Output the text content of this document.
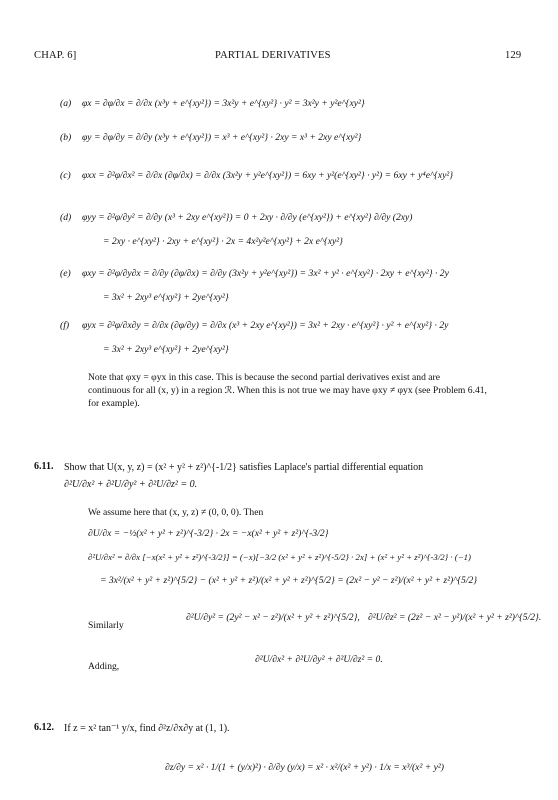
CHAP. 6]	PARTIAL DERIVATIVES	129
(a) φx = ∂φ/∂x = ∂/∂x (x³y + e^{xy²}) = 3x²y + e^{xy²} · y² = 3x²y + y²e^{xy²}
(b) φy = ∂φ/∂y = ∂/∂y (x³y + e^{xy²}) = x³ + e^{xy²} · 2xy = x³ + 2xy e^{xy²}
(c) φxx = ∂²φ/∂x² = ∂/∂x (∂φ/∂x) = ∂/∂x (3x²y + y²e^{xy²}) = 6xy + y²(e^{xy²} · y²) = 6xy + y⁴e^{xy²}
(d) φyy = ∂²φ/∂y² = ∂/∂y (x³ + 2xy e^{xy²}) = 0 + 2xy · ∂/∂y (e^{xy²}) + e^{xy²} ∂/∂y (2xy)
= 2xy · e^{xy²} · 2xy + e^{xy²} · 2x = 4x²y²e^{xy²} + 2x e^{xy²}
(e) φxy = ∂²φ/∂y∂x = ∂/∂y (∂φ/∂x) = ∂/∂y (3x²y + y²e^{xy²}) = 3x² + y² · e^{xy²} · 2xy + e^{xy²} · 2y
= 3x² + 2xy³ e^{xy²} + 2ye^{xy²}
(f) φyx = ∂²φ/∂x∂y = ∂/∂x (∂φ/∂y) = ∂/∂x (x³ + 2xy e^{xy²}) = 3x² + 2xy · e^{xy²} · y² + e^{xy²} · 2y
= 3x² + 2xy³ e^{xy²} + 2ye^{xy²}
Note that φxy = φyx in this case. This is because the second partial derivatives exist and are
continuous for all (x, y) in a region ℛ. When this is not true we may have φxy ≠ φyx (see Problem 6.41,
for example).
6.11. Show that U(x, y, z) = (x² + y² + z²)^{-1/2} satisfies Laplace's partial differential equation
∂²U/∂x² + ∂²U/∂y² + ∂²U/∂z² = 0.
We assume here that (x, y, z) ≠ (0, 0, 0). Then
∂U/∂x = −½(x² + y² + z²)^{-3/2} · 2x = −x(x² + y² + z²)^{-3/2}
∂²U/∂x² = ∂/∂x [−x(x² + y² + z²)^{-3/2}] = (−x)[−3/2 (x² + y² + z²)^{-5/2} · 2x] + (x² + y² + z²)^{-3/2} · (−1)
= 3x²/(x² + y² + z²)^{5/2} − (x² + y² + z²)/(x² + y² + z²)^{5/2} = (2x² − y² − z²)/(x² + y² + z²)^{5/2}
Similarly
∂²U/∂y² = (2y² − x² − z²)/(x² + y² + z²)^{5/2}, ∂²U/∂z² = (2z² − x² − y²)/(x² + y² + z²)^{5/2}.
Adding,
∂²U/∂x² + ∂²U/∂y² + ∂²U/∂z² = 0.
6.12. If z = x² tan⁻¹ y/x, find ∂²z/∂x∂y at (1, 1).
∂z/∂y = x² · 1/(1 + (y/x)²) · ∂/∂y (y/x) = x² · x²/(x² + y²) · 1/x = x³/(x² + y²)
